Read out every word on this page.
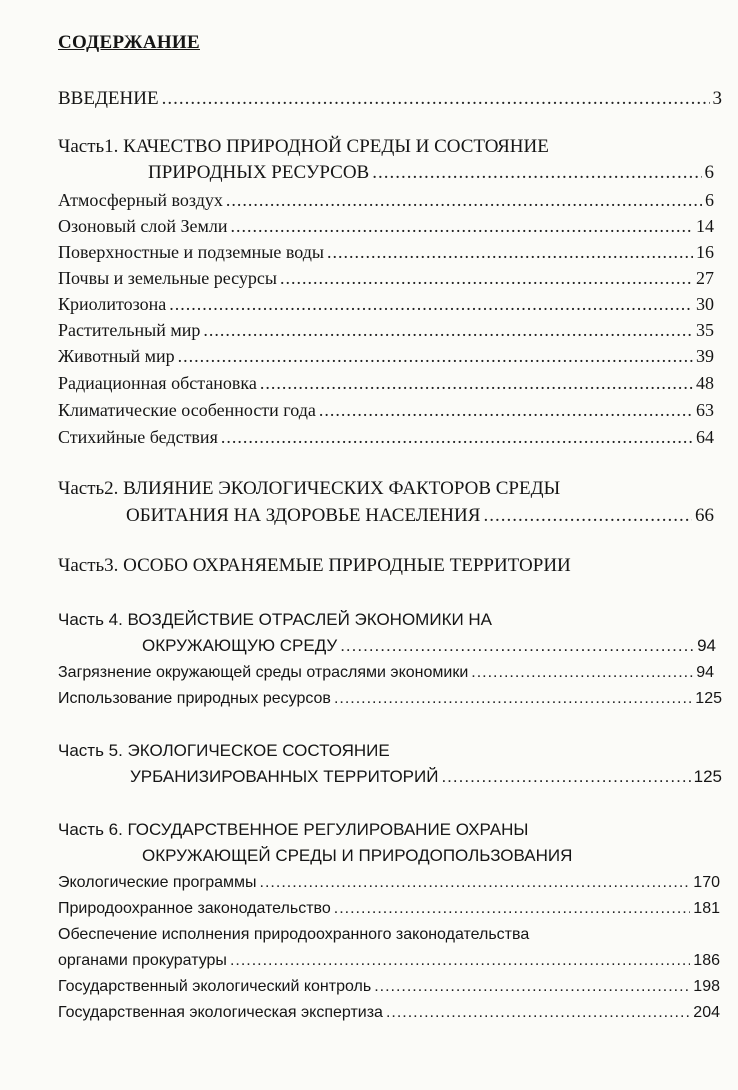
СОДЕРЖАНИЕ
ВВЕДЕНИЕ .....	3
Часть1. КАЧЕСТВО ПРИРОДНОЙ СРЕДЫ И СОСТОЯНИЕ
ПРИРОДНЫХ РЕСУРСОВ .....	6
Атмосферный воздух .....	6
Озоновый слой Земли .....	14
Поверхностные и подземные воды .....	16
Почвы и земельные ресурсы .....	27
Криолитозона .....	30
Растительный мир .....	35
Животный мир .....	39
Радиационная обстановка .....	48
Климатические особенности года .....	63
Стихийные бедствия .....	64
Часть2. ВЛИЯНИЕ ЭКОЛОГИЧЕСКИХ ФАКТОРОВ СРЕДЫ
ОБИТАНИЯ НА ЗДОРОВЬЕ НАСЕЛЕНИЯ .....	66
Часть3. ОСОБО ОХРАНЯЕМЫЕ ПРИРОДНЫЕ ТЕРРИТОРИИ
Часть 4. ВОЗДЕЙСТВИЕ ОТРАСЛЕЙ ЭКОНОМИКИ НА
ОКРУЖАЮЩУЮ СРЕДУ .....	94
Загрязнение окружающей среды отраслями экономики .....	94
Использование природных ресурсов .....	125
Часть 5. ЭКОЛОГИЧЕСКОЕ СОСТОЯНИЕ
УРБАНИЗИРОВАННЫХ ТЕРРИТОРИЙ .....	125
Часть 6. ГОСУДАРСТВЕННОЕ РЕГУЛИРОВАНИЕ ОХРАНЫ
ОКРУЖАЮЩЕЙ СРЕДЫ И ПРИРОДОПОЛЬЗОВАНИЯ
Экологические программы .....	170
Природоохранное законодательство .....	181
Обеспечение исполнения природоохранного законодательства
органами прокуратуры .....	186
Государственный экологический контроль .....	198
Государственная экологическая экспертиза .....	204
